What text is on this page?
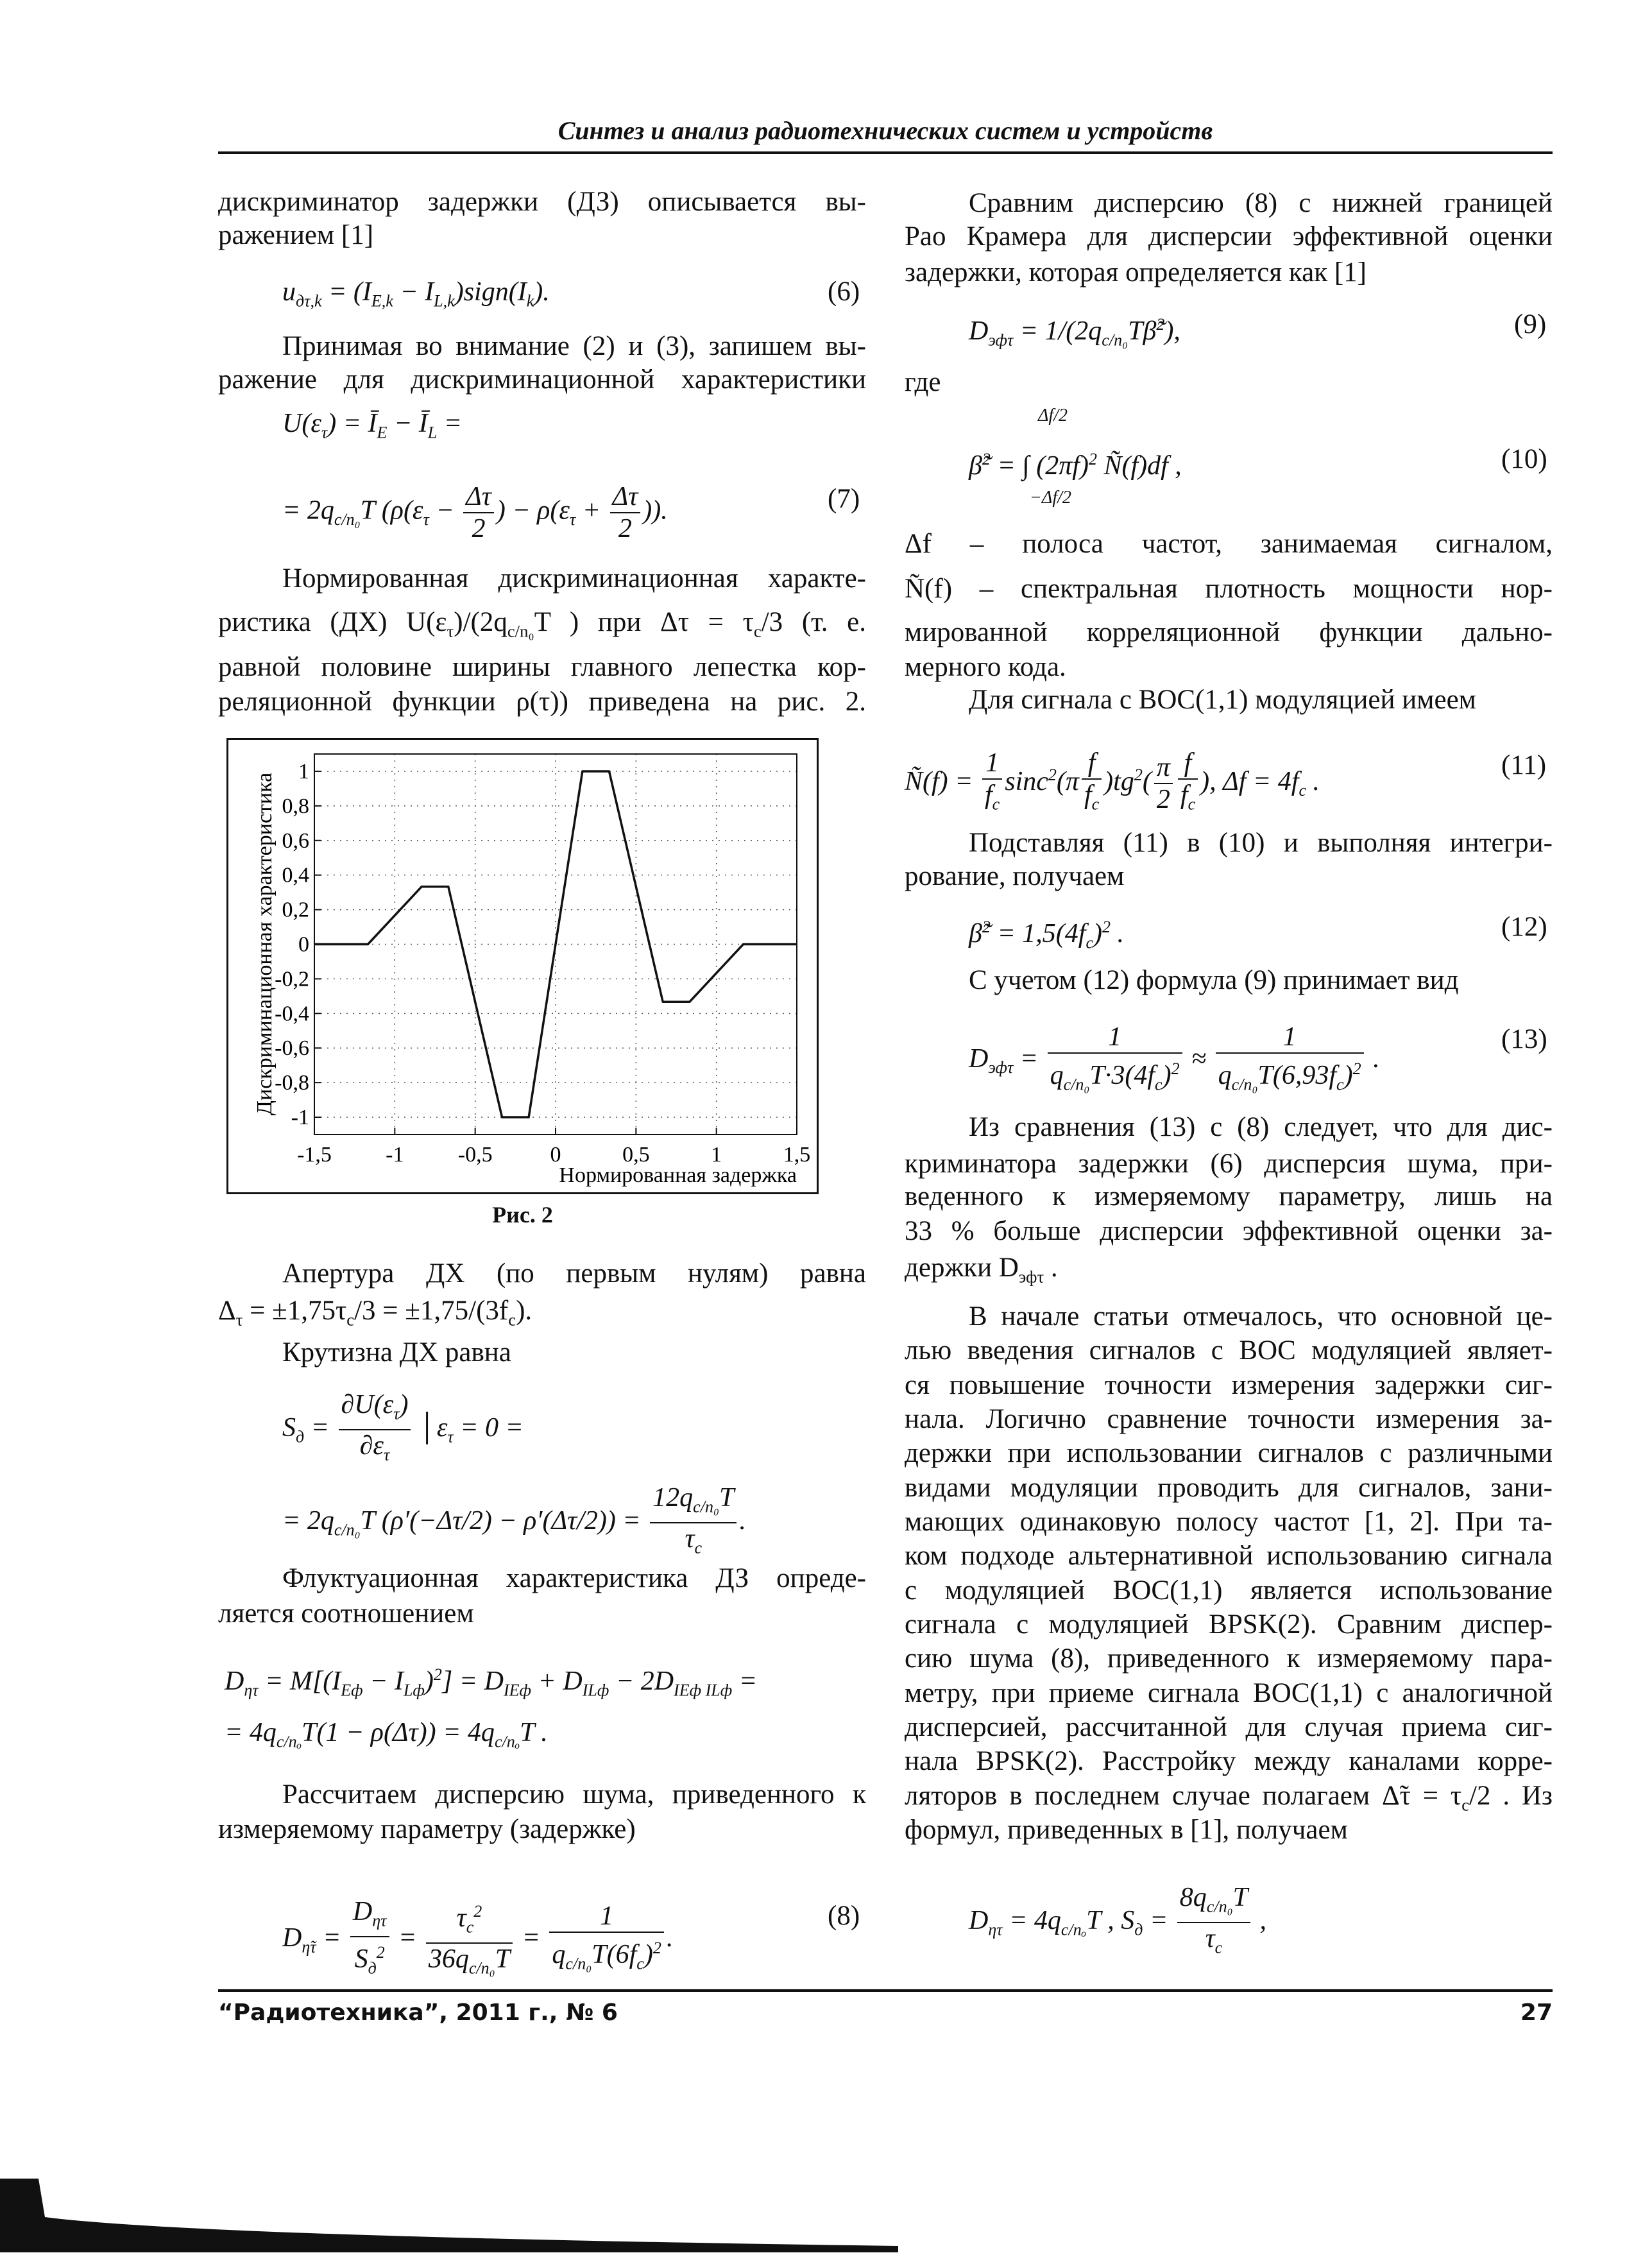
Синтез и анализ радиотехнических систем и устройств
дискриминатор задержки (ДЗ) описывается вы-
ражением [1]
$u_{д\tau,k} = (I_{E,k}$ − $I_{L,k})sign(I_k)$.	(6)
Принимая во внимание (2) и (3), запишем вы-
ражение для дискриминационной характеристики
$U(\varepsilon_\tau)$ = $Ī_E$ − $Ī_L$ =
= $2q_{c/n_0}T$ ($\rho(\varepsilon_\tau - \frac{\Delta\tau}{2}$ ) − $\rho(\varepsilon_\tau + \frac{\Delta\tau}{2}$ )).	(7)
Нормированная дискриминационная характе-
ристика (ДХ) $U(\varepsilon_\tau)/(2q_{c/n_0}T$ ) при $\Delta\tau = \tau_c/3$ (т. е.
равной половине ширины главного лепестка кор-
реляционной функции ρ(τ)) приведена на рис. 2.
-1,5 -1 -0,5	0	0,5	1	1,5
1
0,8
0,6
0,4
0,2
0
-0,2
-0,4
-0,6
-0,8
-1
Нормированная задержка
Дискриминационная характеристика
Рис. 2
Апертура ДХ (по первым нулям) равна
$\Delta_\tau = \pm 1,75\tau_c/3 = \pm 1,75/(3f_c)$.
Крутизна ДХ равна
$S_д = \frac{\partial U(\varepsilon_\tau)}{\partial\varepsilon_\tau}$ $│\varepsilon_\tau = 0$ =
= $2q_{c/n_0}T$ $(\rho'(-\Delta\tau/2) - \rho'(\Delta\tau/2)) = \frac{12q_{c/n_0}T}{\tau_c}$ .
Флуктуационная характеристика ДЗ опреде-
ляется соотношением
$D_{\eta\tau} = M[(I_{Eф} - I_{Lф})^2] = D_{IEф} + D_{ILф} - 2D_{IEф ILф}$ =
= $4q_{c/n_o}T(1 - \rho(\Delta\tau)) = 4q_{c/n_o}T$ .
Рассчитаем дисперсию шума, приведенного к
измеряемому параметру (задержке)
$D_{\etã\tau} = \frac{D_{\eta\tau}}{S_д^2} = \frac{\tau_c^2}{36q_{c/n_0}T} = \frac{1}{q_{c/n_0}T(6f_c)^2}$ .
(8)
Сравним дисперсию (8) с нижней границей
Рао Крамера для дисперсии эффективной оценки
задержки, которая определяется как [1]
$D_{эф\tau}$ = $1/(2q_{c/n_0}T\betã^2)$,	(9)
где
Δf/2
β̃$^2$ = ∫ $(2\pi f)^2$ Ñ(f)df ,
−Δf/2
(10)
Δf – полоса частот, занимаемая сигналом,
Ñ(f) – спектральная плотность мощности нор-
мированной корреляционной функции дально-
мерного кода.
Для сигнала с BOC(1,1) модуляцией имеем
Ñ(f) = $\frac{1}{f_c} \sin c^2(\pi \frac{f}{f_c} )tg^2( \frac{\pi}{2} \frac{f}{f_c}$ ), $\Delta f = 4f_c$ .
(11)
Подставляя (11) в (10) и выполняя интегри-
рование, получаем
β̃$^2$ = $1,5(4f_c)^2$ .	(12)
С учетом (12) формула (9) принимает вид
$D_{эф\tau} = \frac{1}{q_{c/n_0}T\cdot 3(4f_c)^2} \approx \frac{1}{q_{c/n_0}T(6,93f_c)^2}$ .
(13)
Из сравнения (13) с (8) следует, что для дис-
криминатора задержки (6) дисперсия шума, при-
веденного к измеряемому параметру, лишь на
33 % больше дисперсии эффективной оценки за-
держки $D_{эф\tau}$ .
В начале статьи отмечалось, что основной це-
лью введения сигналов с BOC модуляцией являет-
ся повышение точности измерения задержки сиг-
нала. Логично сравнение точности измерения за-
держки при использовании сигналов с различными
видами модуляции проводить для сигналов, зани-
мающих одинаковую полосу частот [1, 2]. При та-
ком подходе альтернативной использованию сигнала
с модуляцией BOC(1,1) является использование
сигнала с модуляцией BPSK(2). Сравним диспер-
сию шума (8), приведенного к измеряемому пара-
метру, при приеме сигнала BOC(1,1) с аналогичной
дисперсией, рассчитанной для случая приема сиг-
нала BPSK(2). Расстройку между каналами корре-
ляторов в последнем случае полагаем Δ̃τ = $\tau_c/2$ . Из
формул, приведенных в [1], получаем
$D_{\eta\tau} = 4q_{c/n_o}T$ , $S_д = \frac{8q_{c/n_0}T}{\tau_c}$ ,
“Радиотехника”, 2011 г., № 6	27
